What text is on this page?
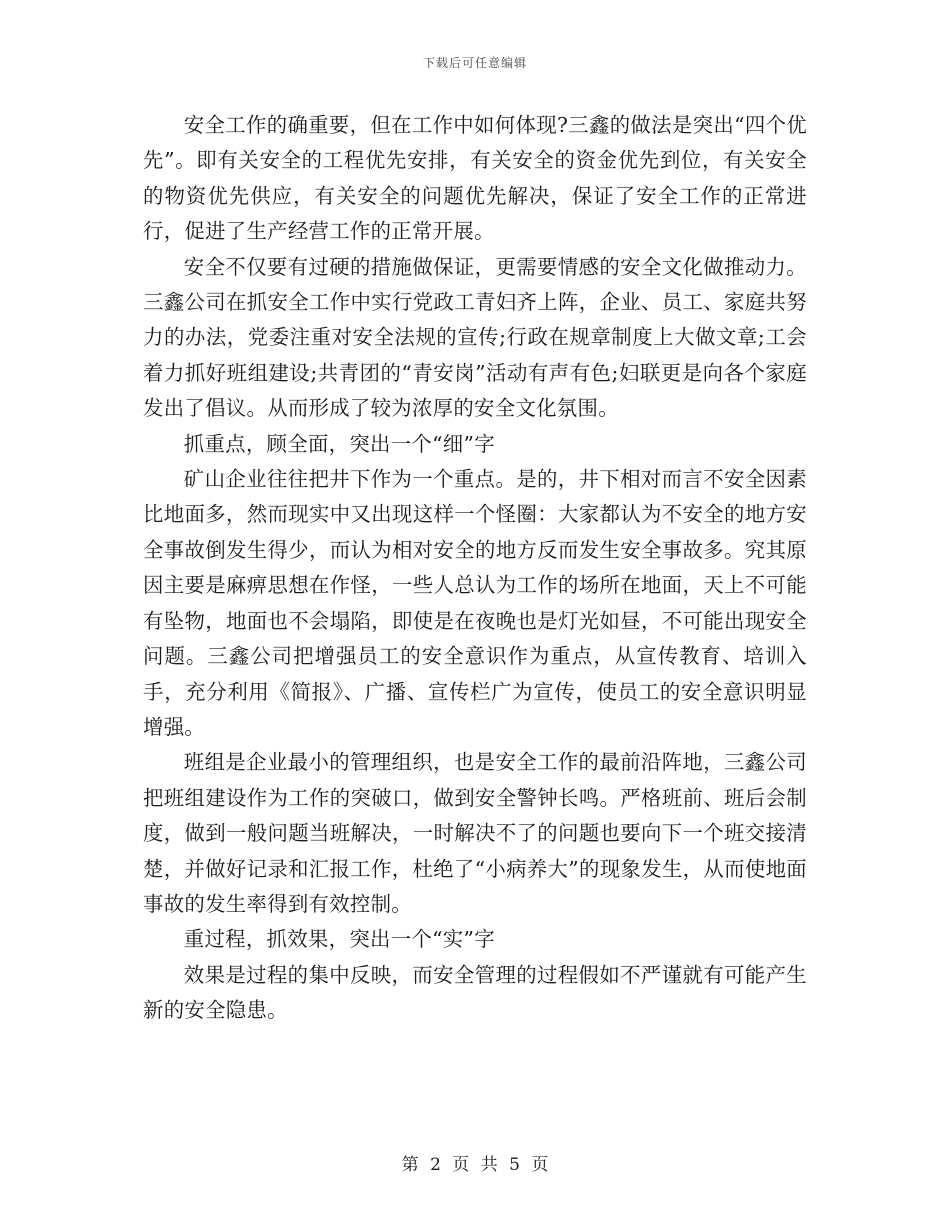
下载后可任意编辑

安全工作的确重要，但在工作中如何体现?三鑫的做法是突出“四个优先”。即有关安全的工程优先安排，有关安全的资金优先到位，有关安全的物资优先供应，有关安全的问题优先解决，保证了安全工作的正常进行，促进了生产经营工作的正常开展。

安全不仅要有过硬的措施做保证，更需要情感的安全文化做推动力。三鑫公司在抓安全工作中实行党政工青妇齐上阵，企业、员工、家庭共努力的办法，党委注重对安全法规的宣传;行政在规章制度上大做文章;工会着力抓好班组建设;共青团的“青安岗”活动有声有色;妇联更是向各个家庭发出了倡议。从而形成了较为浓厚的安全文化氛围。

抓重点，顾全面，突出一个“细”字

矿山企业往往把井下作为一个重点。是的，井下相对而言不安全因素比地面多，然而现实中又出现这样一个怪圈：大家都认为不安全的地方安全事故倒发生得少，而认为相对安全的地方反而发生安全事故多。究其原因主要是麻痹思想在作怪，一些人总认为工作的场所在地面，天上不可能有坠物，地面也不会塌陷，即使是在夜晚也是灯光如昼，不可能出现安全问题。三鑫公司把增强员工的安全意识作为重点，从宣传教育、培训入手，充分利用《简报》、广播、宣传栏广为宣传，使员工的安全意识明显增强。

班组是企业最小的管理组织，也是安全工作的最前沿阵地，三鑫公司把班组建设作为工作的突破口，做到安全警钟长鸣。严格班前、班后会制度，做到一般问题当班解决，一时解决不了的问题也要向下一个班交接清楚，并做好记录和汇报工作，杜绝了“小病养大”的现象发生，从而使地面事故的发生率得到有效控制。

重过程，抓效果，突出一个“实”字

效果是过程的集中反映，而安全管理的过程假如不严谨就有可能产生新的安全隐患。

第 2 页 共 5 页
